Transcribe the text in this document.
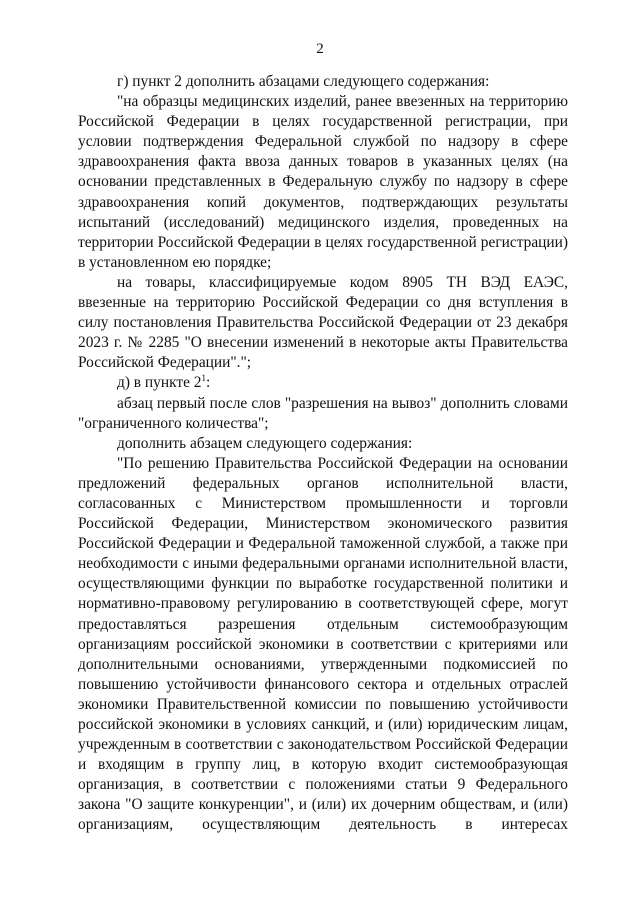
2

г) пункт 2 дополнить абзацами следующего содержания:

"на образцы медицинских изделий, ранее ввезенных на территорию Российской Федерации в целях государственной регистрации, при условии подтверждения Федеральной службой по надзору в сфере здравоохранения факта ввоза данных товаров в указанных целях (на основании представленных в Федеральную службу по надзору в сфере здравоохранения копий документов, подтверждающих результаты испытаний (исследований) медицинского изделия, проведенных на территории Российской Федерации в целях государственной регистрации) в установленном ею порядке;

на товары, классифицируемые кодом 8905 ТН ВЭД ЕАЭС, ввезенные на территорию Российской Федерации со дня вступления в силу постановления Правительства Российской Федерации от 23 декабря 2023 г. № 2285 "О внесении изменений в некоторые акты Правительства Российской Федерации".";

д) в пункте $2^1$:

абзац первый после слов "разрешения на вывоз" дополнить словами "ограниченного количества";

дополнить абзацем следующего содержания:

"По решению Правительства Российской Федерации на основании предложений федеральных органов исполнительной власти, согласованных с Министерством промышленности и торговли Российской Федерации, Министерством экономического развития Российской Федерации и Федеральной таможенной службой, а также при необходимости с иными федеральными органами исполнительной власти, осуществляющими функции по выработке государственной политики и нормативно-правовому регулированию в соответствующей сфере, могут предоставляться разрешения отдельным системообразующим организациям российской экономики в соответствии с критериями или дополнительными основаниями, утвержденными подкомиссией по повышению устойчивости финансового сектора и отдельных отраслей экономики Правительственной комиссии по повышению устойчивости российской экономики в условиях санкций, и (или) юридическим лицам, учрежденным в соответствии с законодательством Российской Федерации и входящим в группу лиц, в которую входит системообразующая организация, в соответствии с положениями статьи 9 Федерального закона "О защите конкуренции", и (или) их дочерним обществам, и (или) организациям, осуществляющим деятельность в интересах
